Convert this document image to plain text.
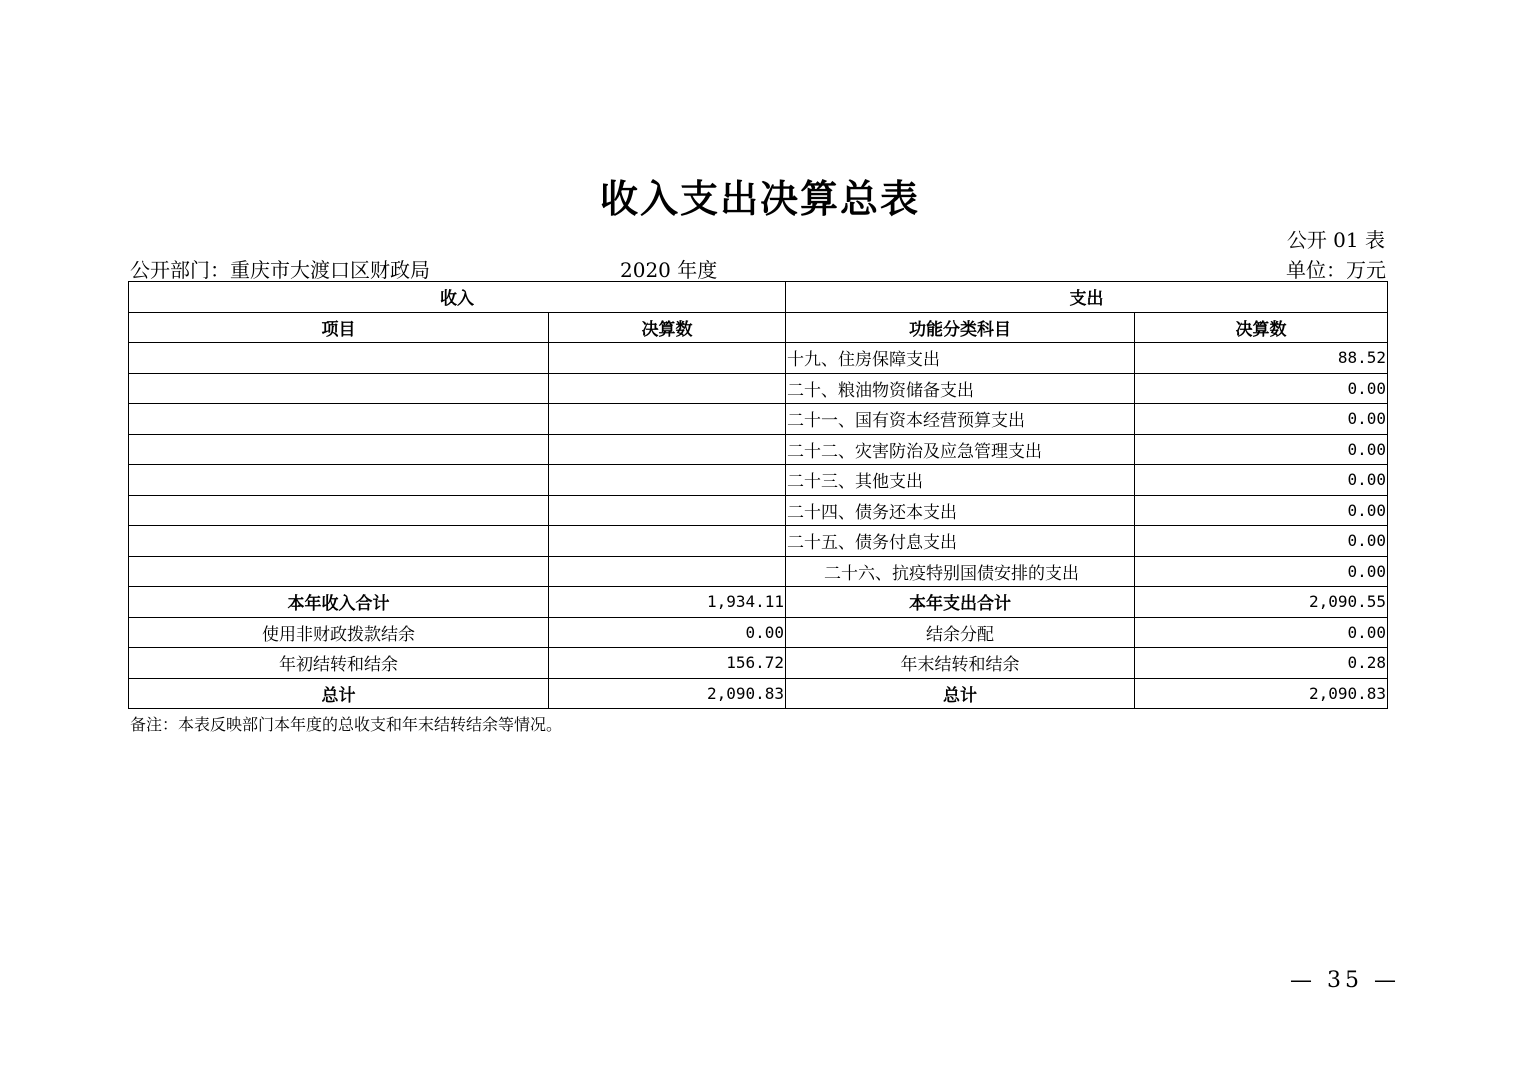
收入支出决算总表
公开 01 表
公开部门：重庆市大渡口区财政局	2020 年度	单位：万元
收入		支出	
项目	决算数	功能分类科目	决算数
		十九、住房保障支出	88.52
		二十、粮油物资储备支出	0.00
		二十一、国有资本经营预算支出	0.00
		二十二、灾害防治及应急管理支出	0.00
		二十三、其他支出	0.00
		二十四、债务还本支出	0.00
		二十五、债务付息支出	0.00
		二十六、抗疫特别国债安排的支出	0.00
本年收入合计	1,934.11	本年支出合计	2,090.55
使用非财政拨款结余	0.00	结余分配	0.00
年初结转和结余	156.72	年末结转和结余	0.28
总计	2,090.83	总计	2,090.83
备注：本表反映部门本年度的总收支和年末结转结余等情况。
— 35 —
